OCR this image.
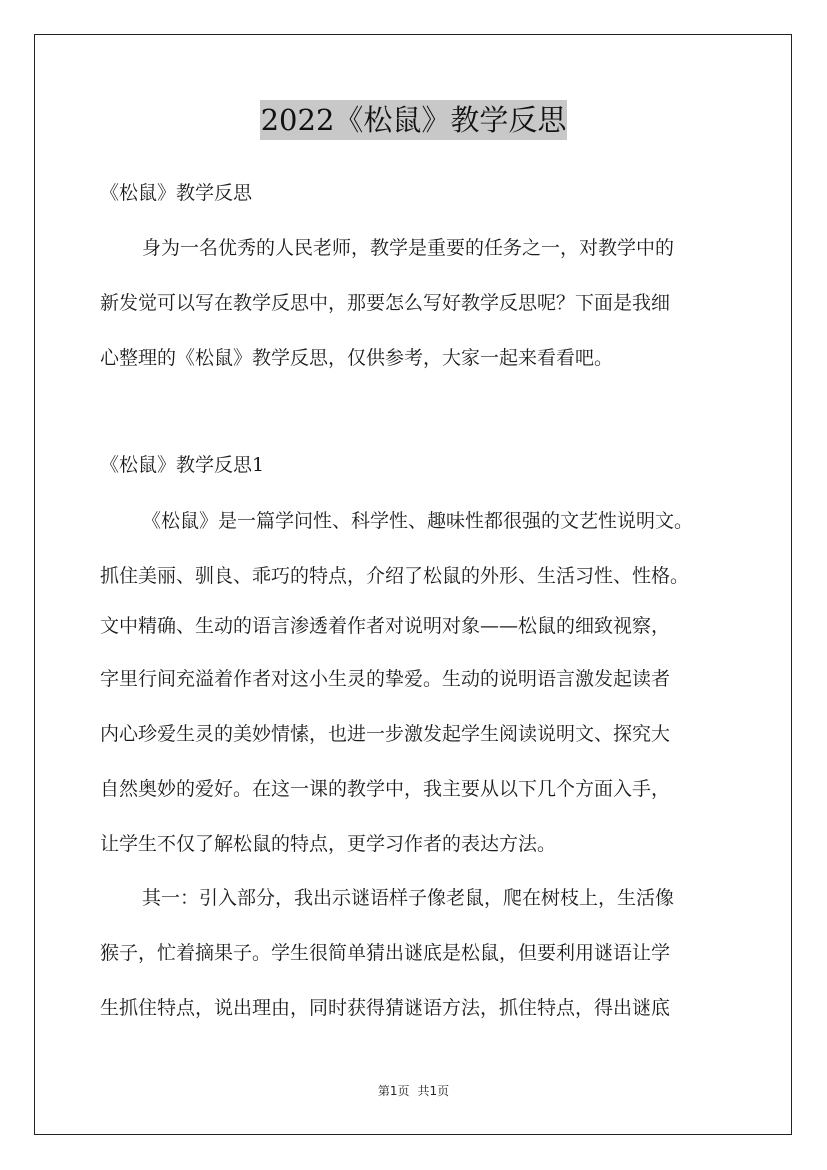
2022《松鼠》教学反思
《松鼠》教学反思
身为一名优秀的人民老师，教学是重要的任务之一，对教学中的
新发觉可以写在教学反思中，那要怎么写好教学反思呢？下面是我细
心整理的《松鼠》教学反思，仅供参考，大家一起来看看吧。
《松鼠》教学反思1
《松鼠》是一篇学问性、科学性、趣味性都很强的文艺性说明文。
抓住美丽、驯良、乖巧的特点，介绍了松鼠的外形、生活习性、性格。
文中精确、生动的语言渗透着作者对说明对象——松鼠的细致视察，
字里行间充溢着作者对这小生灵的挚爱。生动的说明语言激发起读者
内心珍爱生灵的美妙情愫，也进一步激发起学生阅读说明文、探究大
自然奥妙的爱好。在这一课的教学中，我主要从以下几个方面入手，
让学生不仅了解松鼠的特点，更学习作者的表达方法。
其一：引入部分，我出示谜语样子像老鼠，爬在树枝上，生活像
猴子，忙着摘果子。学生很简单猜出谜底是松鼠，但要利用谜语让学
生抓住特点，说出理由，同时获得猜谜语方法，抓住特点，得出谜底
第1页 共1页
